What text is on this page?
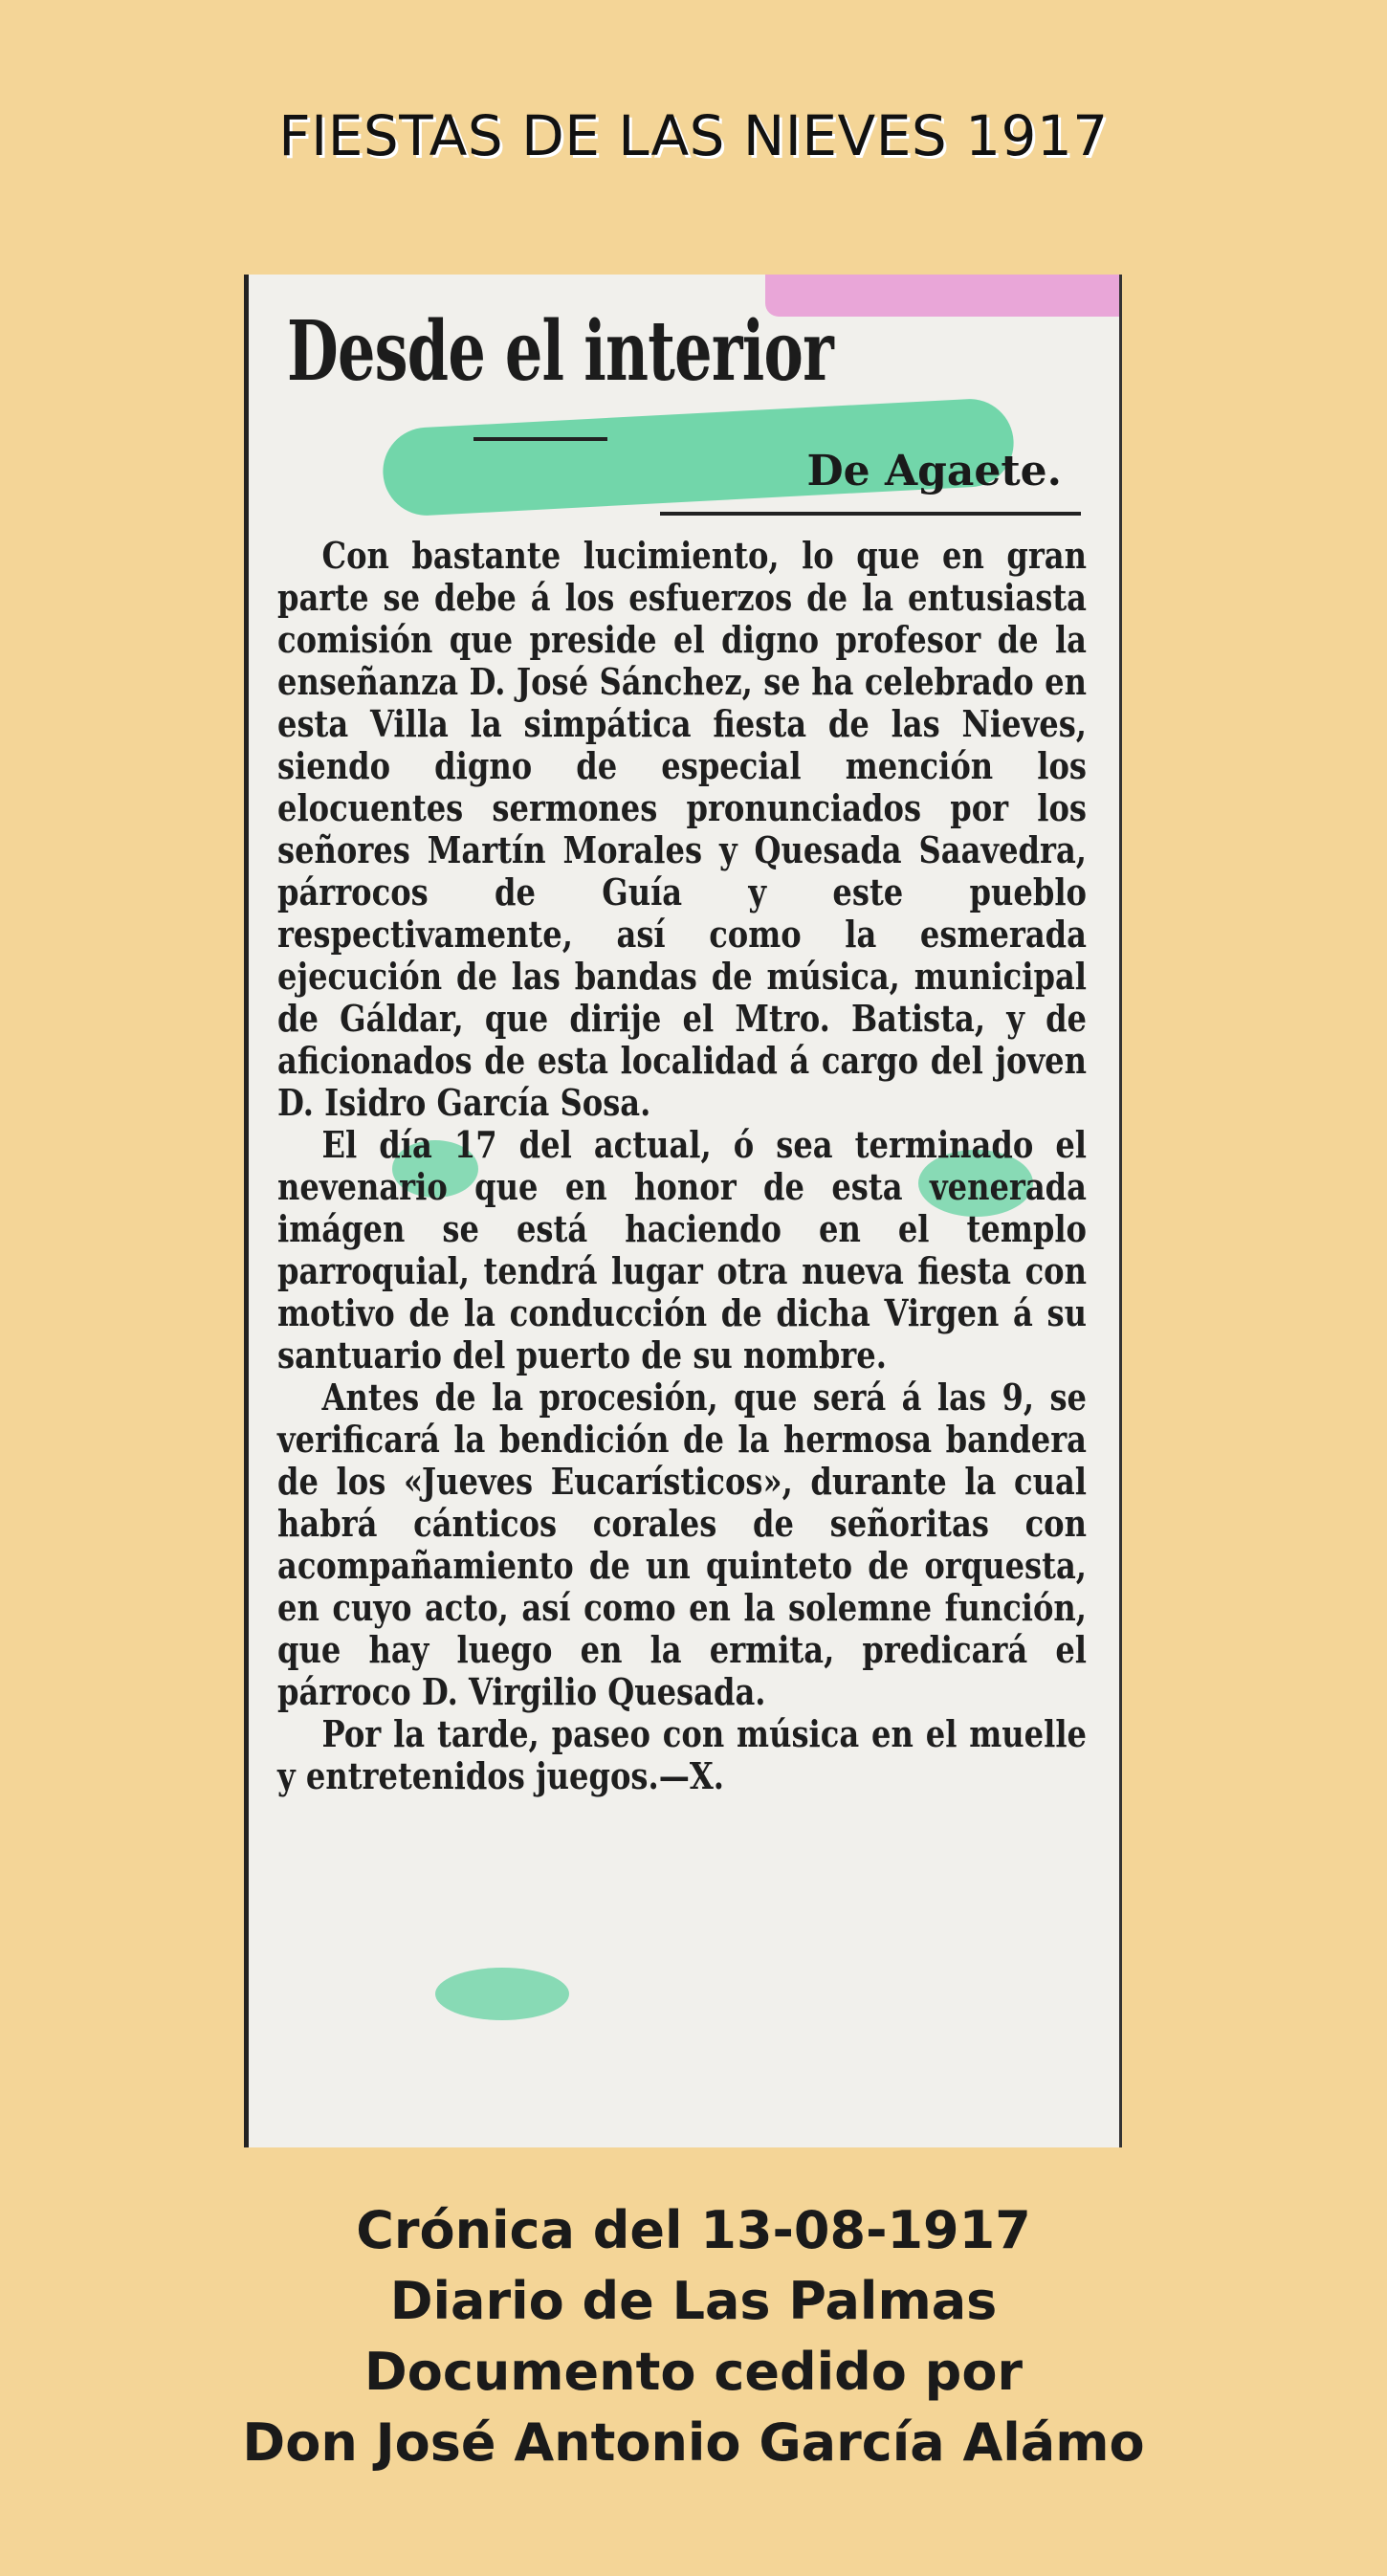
FIESTAS DE LAS NIEVES 1917
Desde el interior
De Agaete.

Con bastante lucimiento, lo que en gran parte se debe á los esfuerzos de la entusiasta comisión que preside el digno profesor de la enseñanza D. José Sánchez, se ha celebrado en esta Villa la simpática fiesta de las Nieves, siendo digno de especial mención los elocuentes sermones pronunciados por los señores Martín Morales y Quesada Saavedra, párrocos de Guía y este pueblo respectivamente, así como la esmerada ejecución de las bandas de música, municipal de Gáldar, que dirije el Mtro. Batista, y de aficionados de esta localidad á cargo del joven D. Isidro García Sosa.

El día 17 del actual, ó sea terminado el nevenario que en honor de esta venerada imágen se está haciendo en el templo parroquial, tendrá lugar otra nueva fiesta con motivo de la conducción de dicha Virgen á su santuario del puerto de su nombre.

Antes de la procesión, que será á las 9, se verificará la bendición de la hermosa bandera de los «Jueves Eucarísticos», durante la cual habrá cánticos corales de señoritas con acompañamiento de un quinteto de orquesta, en cuyo acto, así como en la solemne función, que hay luego en la ermita, predicará el párroco D. Virgilio Quesada.

Por la tarde, paseo con música en el muelle y entretenidos juegos.—X.

Crónica del 13-08-1917
Diario de Las Palmas
Documento cedido por
Don José Antonio García Alámo
